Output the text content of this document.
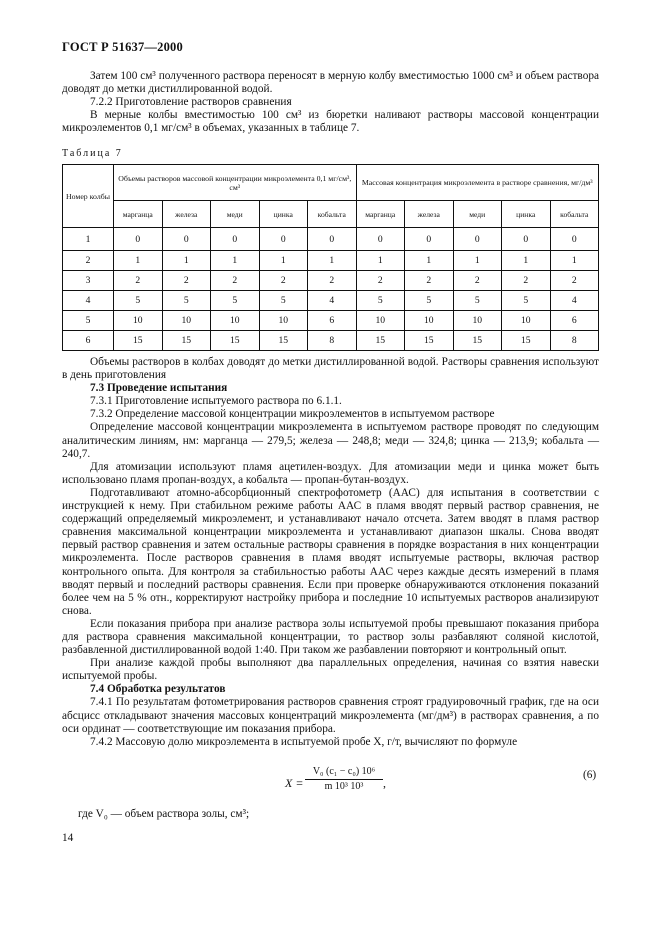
ГОСТ Р 51637—2000

Затем 100 см³ полученного раствора переносят в мерную колбу вместимостью 1000 см³ и объем раствора доводят до метки дистиллированной водой.

7.2.2 Приготовление растворов сравнения

В мерные колбы вместимостью 100 см³ из бюретки наливают растворы массовой концентрации микроэлементов 0,1 мг/см³ в объемах, указанных в таблице 7.

Таблица 7
Номер колбы	Объемы растворов массовой концентрации микроэлемента 0,1 мг/см³, см³					Массовая концентрация микроэлемента в растворе сравнения, мг/дм³				
	марганца	железа	меди	цинка	кобальта	марганца	железа	меди	цинка	кобальта
1	0	0	0	0	0	0	0	0	0	0
2	1	1	1	1	1	1	1	1	1	1
3	2	2	2	2	2	2	2	2	2	2
4	5	5	5	5	4	5	5	5	5	4
5	10	10	10	10	6	10	10	10	10	6
6	15	15	15	15	8	15	15	15	15	8

Объемы растворов в колбах доводят до метки дистиллированной водой. Растворы сравнения используют в день приготовления

7.3 Проведение испытания

7.3.1 Приготовление испытуемого раствора по 6.1.1.

7.3.2 Определение массовой концентрации микроэлементов в испытуемом растворе

Определение массовой концентрации микроэлемента в испытуемом растворе проводят по следующим аналитическим линиям, нм: марганца — 279,5; железа — 248,8; меди — 324,8; цинка — 213,9; кобальта — 240,7.

Для атомизации используют пламя ацетилен-воздух. Для атомизации меди и цинка может быть использовано пламя пропан-воздух, а кобальта — пропан-бутан-воздух.

Подготавливают атомно-абсорбционный спектрофотометр (ААС) для испытания в соответствии с инструкцией к нему. При стабильном режиме работы ААС в пламя вводят первый раствор сравнения, не содержащий определяемый микроэлемент, и устанавливают начало отсчета. Затем вводят в пламя раствор сравнения максимальной концентрации микроэлемента и устанавливают диапазон шкалы. Снова вводят первый раствор сравнения и затем остальные растворы сравнения в порядке возрастания в них концентрации микроэлемента. После растворов сравнения в пламя вводят испытуемые растворы, включая раствор контрольного опыта. Для контроля за стабильностью работы ААС через каждые десять измерений в пламя вводят первый и последний растворы сравнения. Если при проверке обнаруживаются отклонения показаний более чем на 5 % отн., корректируют настройку прибора и последние 10 испытуемых растворов анализируют снова.

Если показания прибора при анализе раствора золы испытуемой пробы превышают показания прибора для раствора сравнения максимальной концентрации, то раствор золы разбавляют соляной кислотой, разбавленной дистиллированной водой 1:40. При таком же разбавлении повторяют и контрольный опыт.

При анализе каждой пробы выполняют два параллельных определения, начиная со взятия навески испытуемой пробы.

7.4 Обработка результатов

7.4.1 По результатам фотометрирования растворов сравнения строят градуировочный график, где на оси абсцисс откладывают значения массовых концентраций микроэлемента (мг/дм³) в растворах сравнения, а по оси ординат — соответствующие им показания прибора.

7.4.2 Массовую долю микроэлемента в испытуемой пробе X, г/т, вычисляют по формуле

$X = \frac{\text{V₀ (c₁ − c₀) 10⁶}}{\text{m 10³ 10³}}$ ,
(6)
где V₀ — объем раствора золы, см³;
14
